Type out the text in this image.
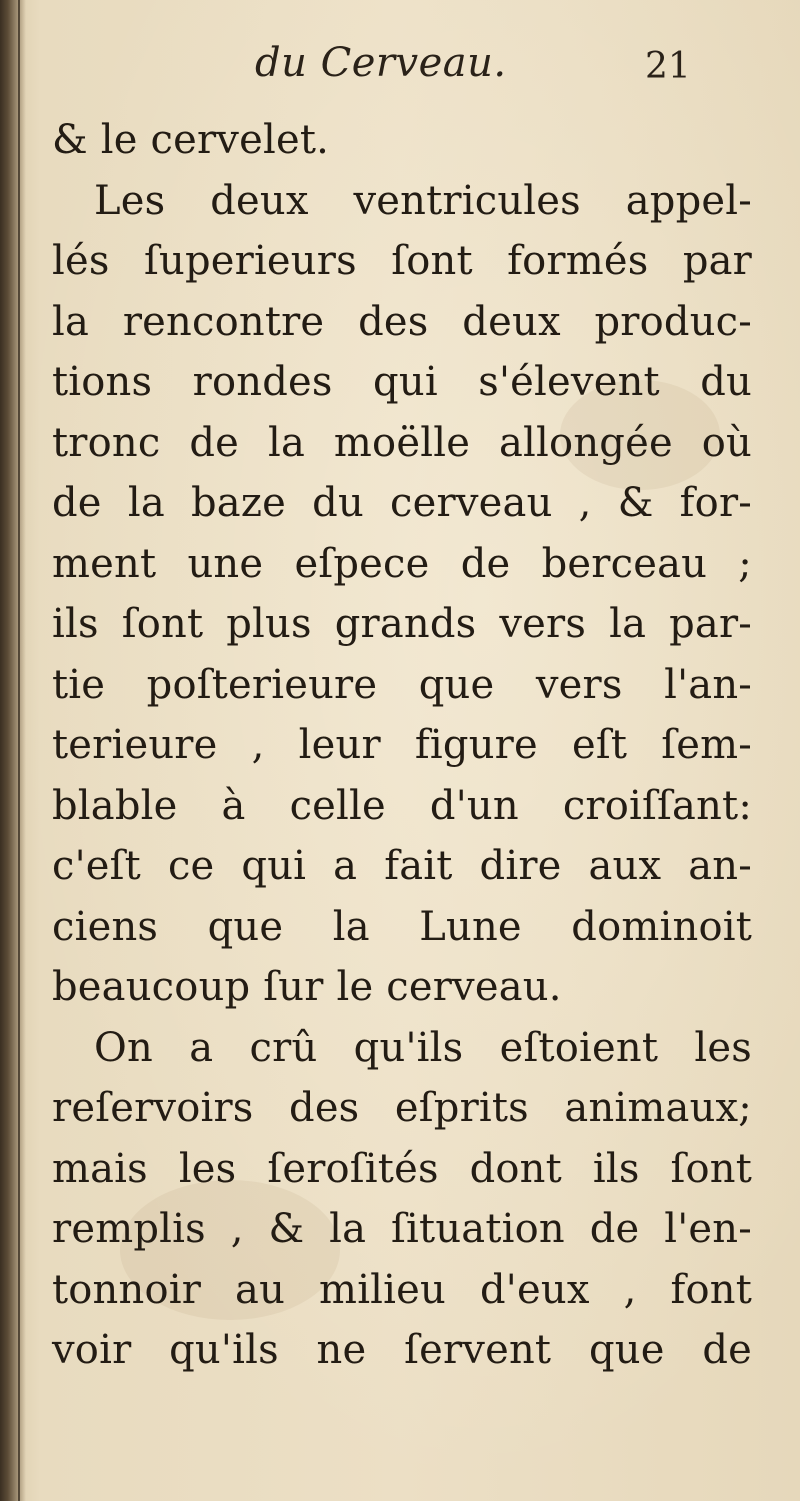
du Cerveau.	21
& le cervelet.
Les deux ventricules appel-
lés ſuperieurs ſont formés par
la rencontre des deux produc-
tions rondes qui s'élevent du
tronc de la moëlle allongée où
de la baze du cerveau , & for-
ment une eſpece de berceau ;
ils ſont plus grands vers la par-
tie poſterieure que vers l'an-
terieure , leur figure eſt ſem-
blable à celle d'un croiſſant:
c'eſt ce qui a fait dire aux an-
ciens que la Lune dominoit
beaucoup ſur le cerveau.
On a crû qu'ils eſtoient les
reſervoirs des eſprits animaux;
mais les ſeroſités dont ils ſont
remplis , & la ſituation de l'en-
tonnoir au milieu d'eux , font
voir qu'ils ne ſervent que de
